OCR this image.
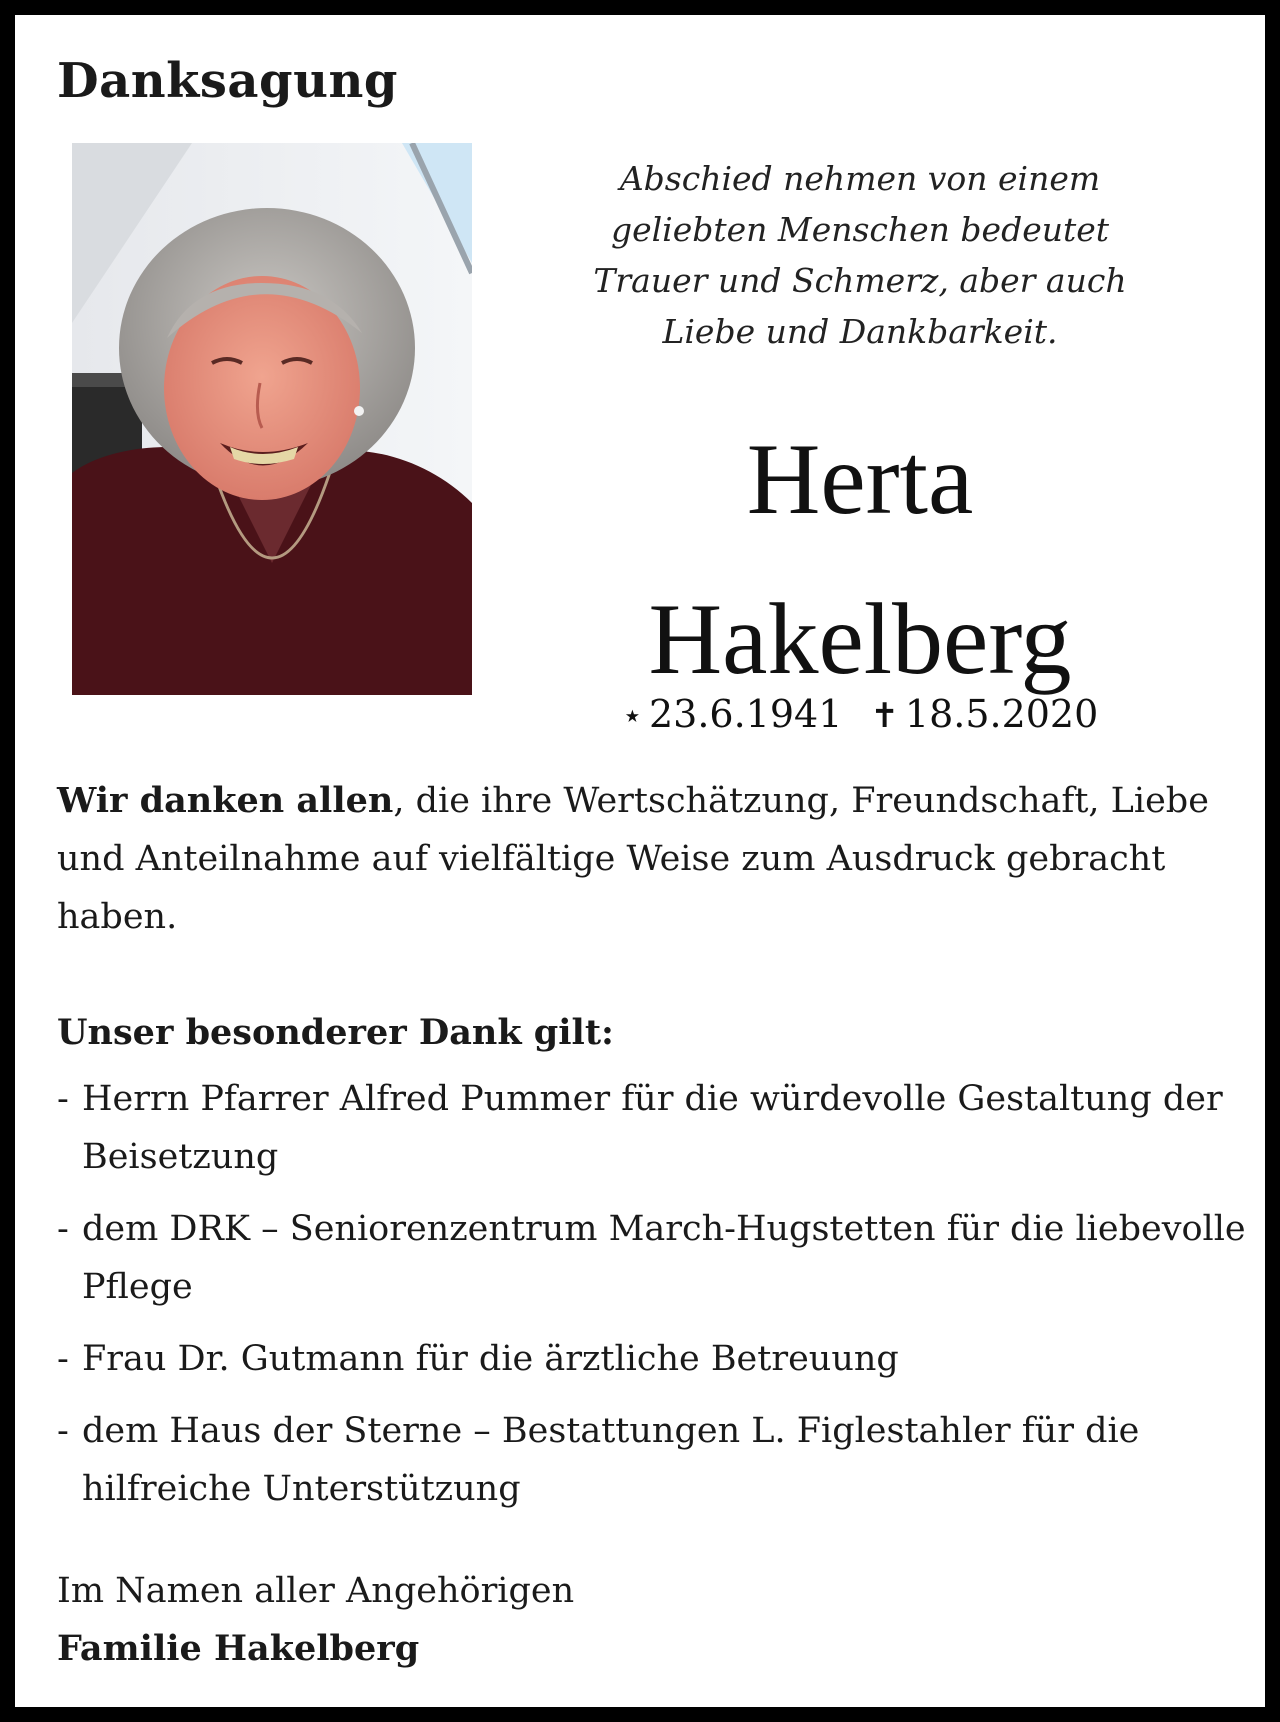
Danksagung
Abschied nehmen von einem
geliebten Menschen bedeutet
Trauer und Schmerz, aber auch
Liebe und Dankbarkeit.
Herta
Hakelberg
⋆ 23.6.1941 ✝ 18.5.2020

Wir danken allen, die ihre Wertschätzung, Freundschaft, Liebe und Anteilnahme auf vielfältige Weise zum Ausdruck gebracht haben.

Unser besonderer Dank gilt:

- Herrn Pfarrer Alfred Pummer für die würdevolle Gestaltung der Beisetzung
- dem DRK – Seniorenzentrum March-Hugstetten für die liebevolle Pflege
- Frau Dr. Gutmann für die ärztliche Betreuung
- dem Haus der Sterne – Bestattungen L. Figlestahler für die hilfreiche Unterstützung

Im Namen aller Angehörigen

Familie Hakelberg
